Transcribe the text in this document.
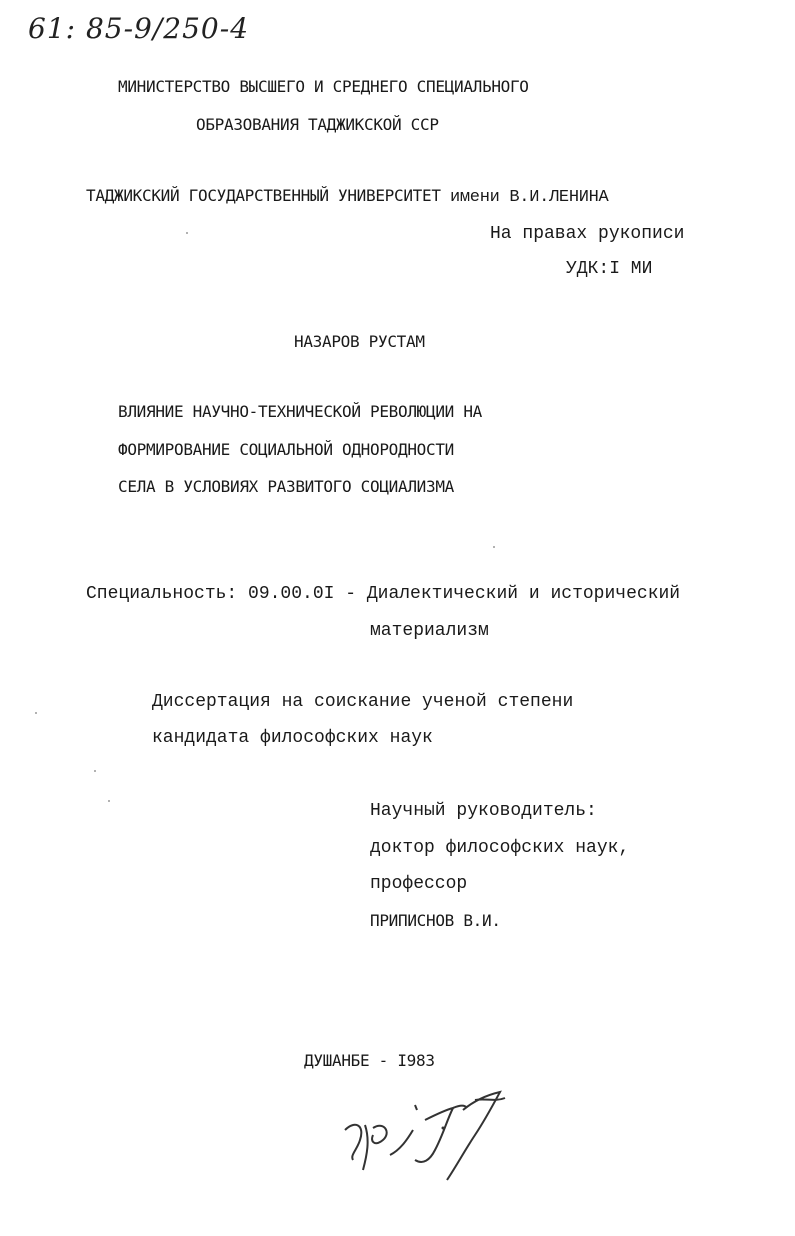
61: 85-9/250-4
МИНИСТЕРСТВО ВЫСШЕГО И СРЕДНЕГО СПЕЦИАЛЬНОГО
ОБРАЗОВАНИЯ ТАДЖИКСКОЙ ССР
ТАДЖИКСКИЙ ГОСУДАРСТВЕННЫЙ УНИВЕРСИТЕТ имени В.И.ЛЕНИНА
На правах рукописи
УДК:I МИ
НАЗАРОВ РУСТАМ
ВЛИЯНИЕ НАУЧНО-ТЕХНИЧЕСКОЙ РЕВОЛЮЦИИ НА
ФОРМИРОВАНИЕ СОЦИАЛЬНОЙ ОДНОРОДНОСТИ
СЕЛА В УСЛОВИЯХ РАЗВИТОГО СОЦИАЛИЗМА
Специальность: 09.00.0I - Диалектический и исторический
материализм
Диссертация на соискание ученой степени
кандидата философских наук
Научный руководитель:
доктор философских наук,
профессор
ПРИПИСНОВ В.И.
ДУШАНБЕ - I983
